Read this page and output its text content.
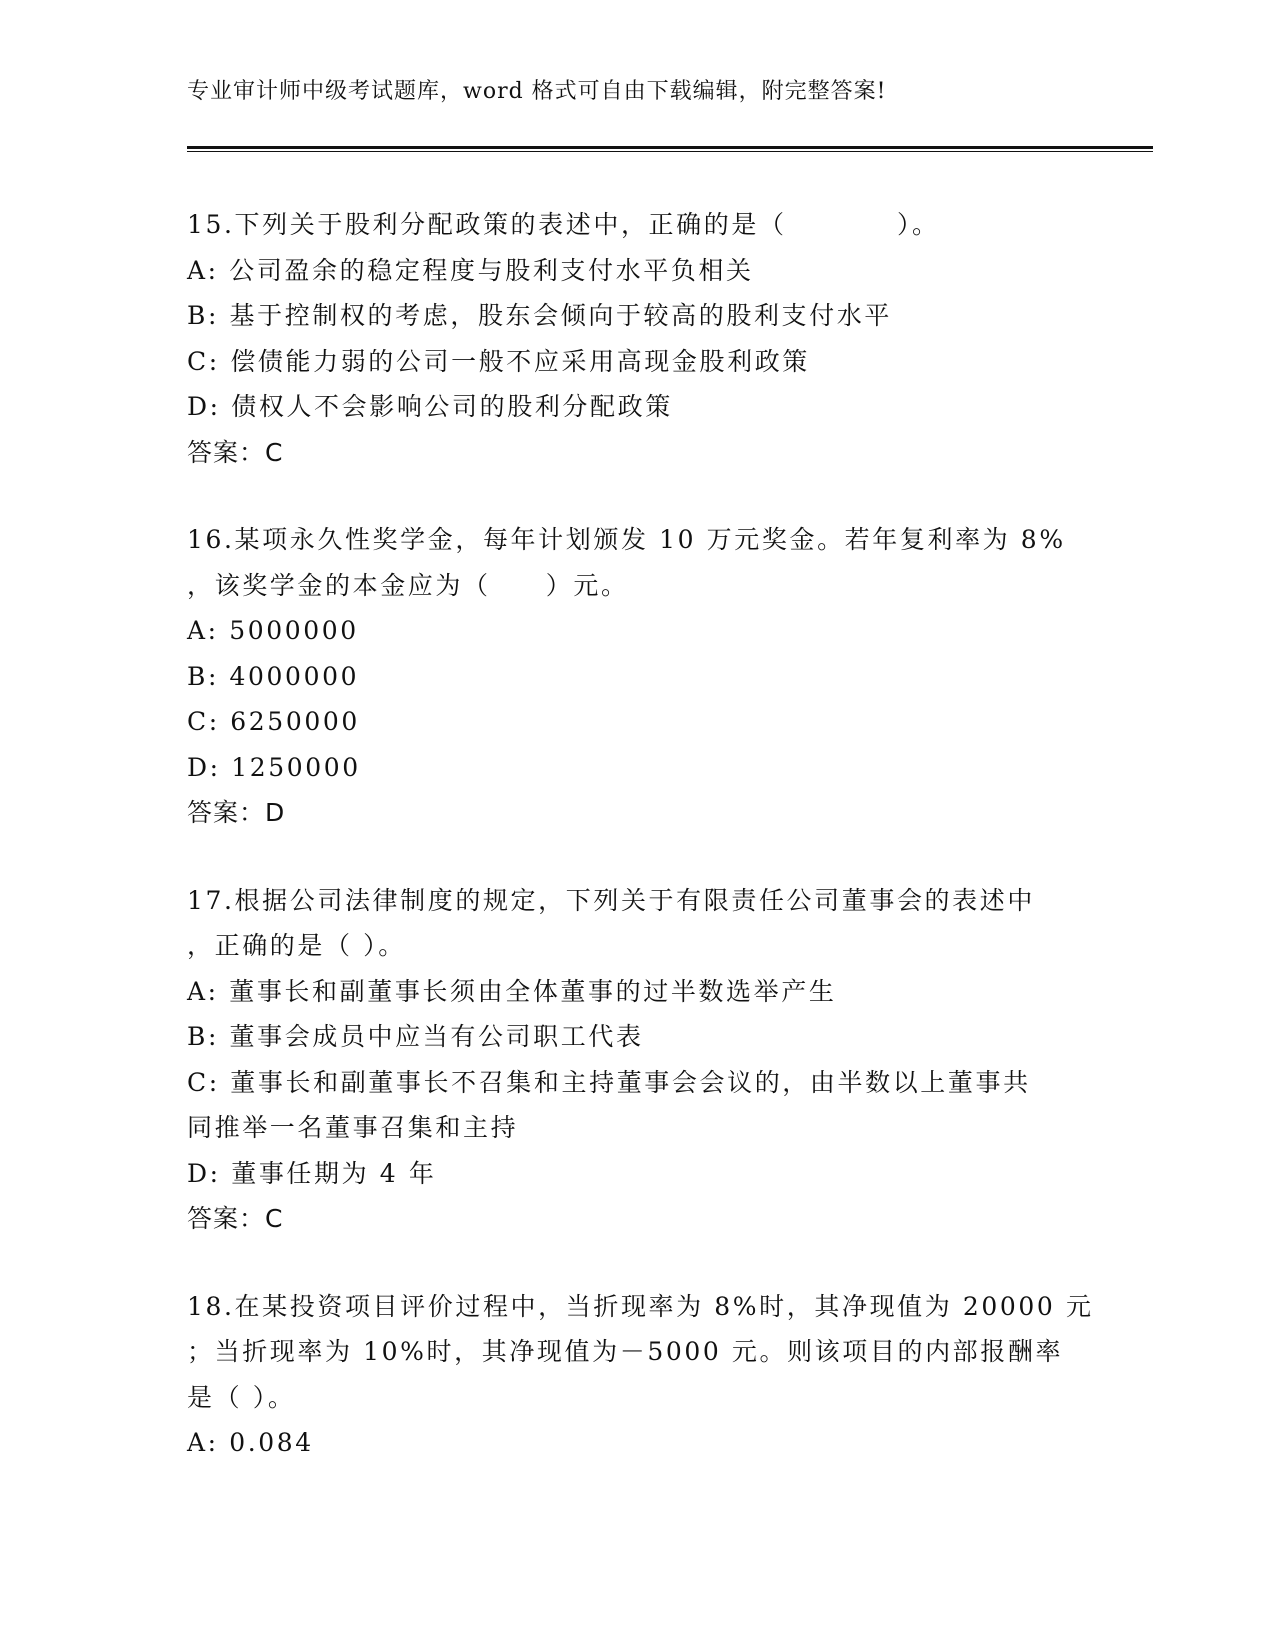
专业审计师中级考试题库，word 格式可自由下载编辑，附完整答案!
15.下列关于股利分配政策的表述中，正确的是（　　　　）。
A: 公司盈余的稳定程度与股利支付水平负相关
B: 基于控制权的考虑，股东会倾向于较高的股利支付水平
C: 偿债能力弱的公司一般不应采用高现金股利政策
D: 债权人不会影响公司的股利分配政策
答案：C
16.某项永久性奖学金，每年计划颁发 10 万元奖金。若年复利率为 8%
，该奖学金的本金应为（　　）元。
A: 5000000
B: 4000000
C: 6250000
D: 1250000
答案：D
17.根据公司法律制度的规定，下列关于有限责任公司董事会的表述中
，正确的是（ ）。
A: 董事长和副董事长须由全体董事的过半数选举产生
B: 董事会成员中应当有公司职工代表
C: 董事长和副董事长不召集和主持董事会会议的，由半数以上董事共
同推举一名董事召集和主持
D: 董事任期为 4 年
答案：C
18.在某投资项目评价过程中，当折现率为 8%时，其净现值为 20000 元
；当折现率为 10%时，其净现值为－5000 元。则该项目的内部报酬率
是（ ）。
A: 0.084
